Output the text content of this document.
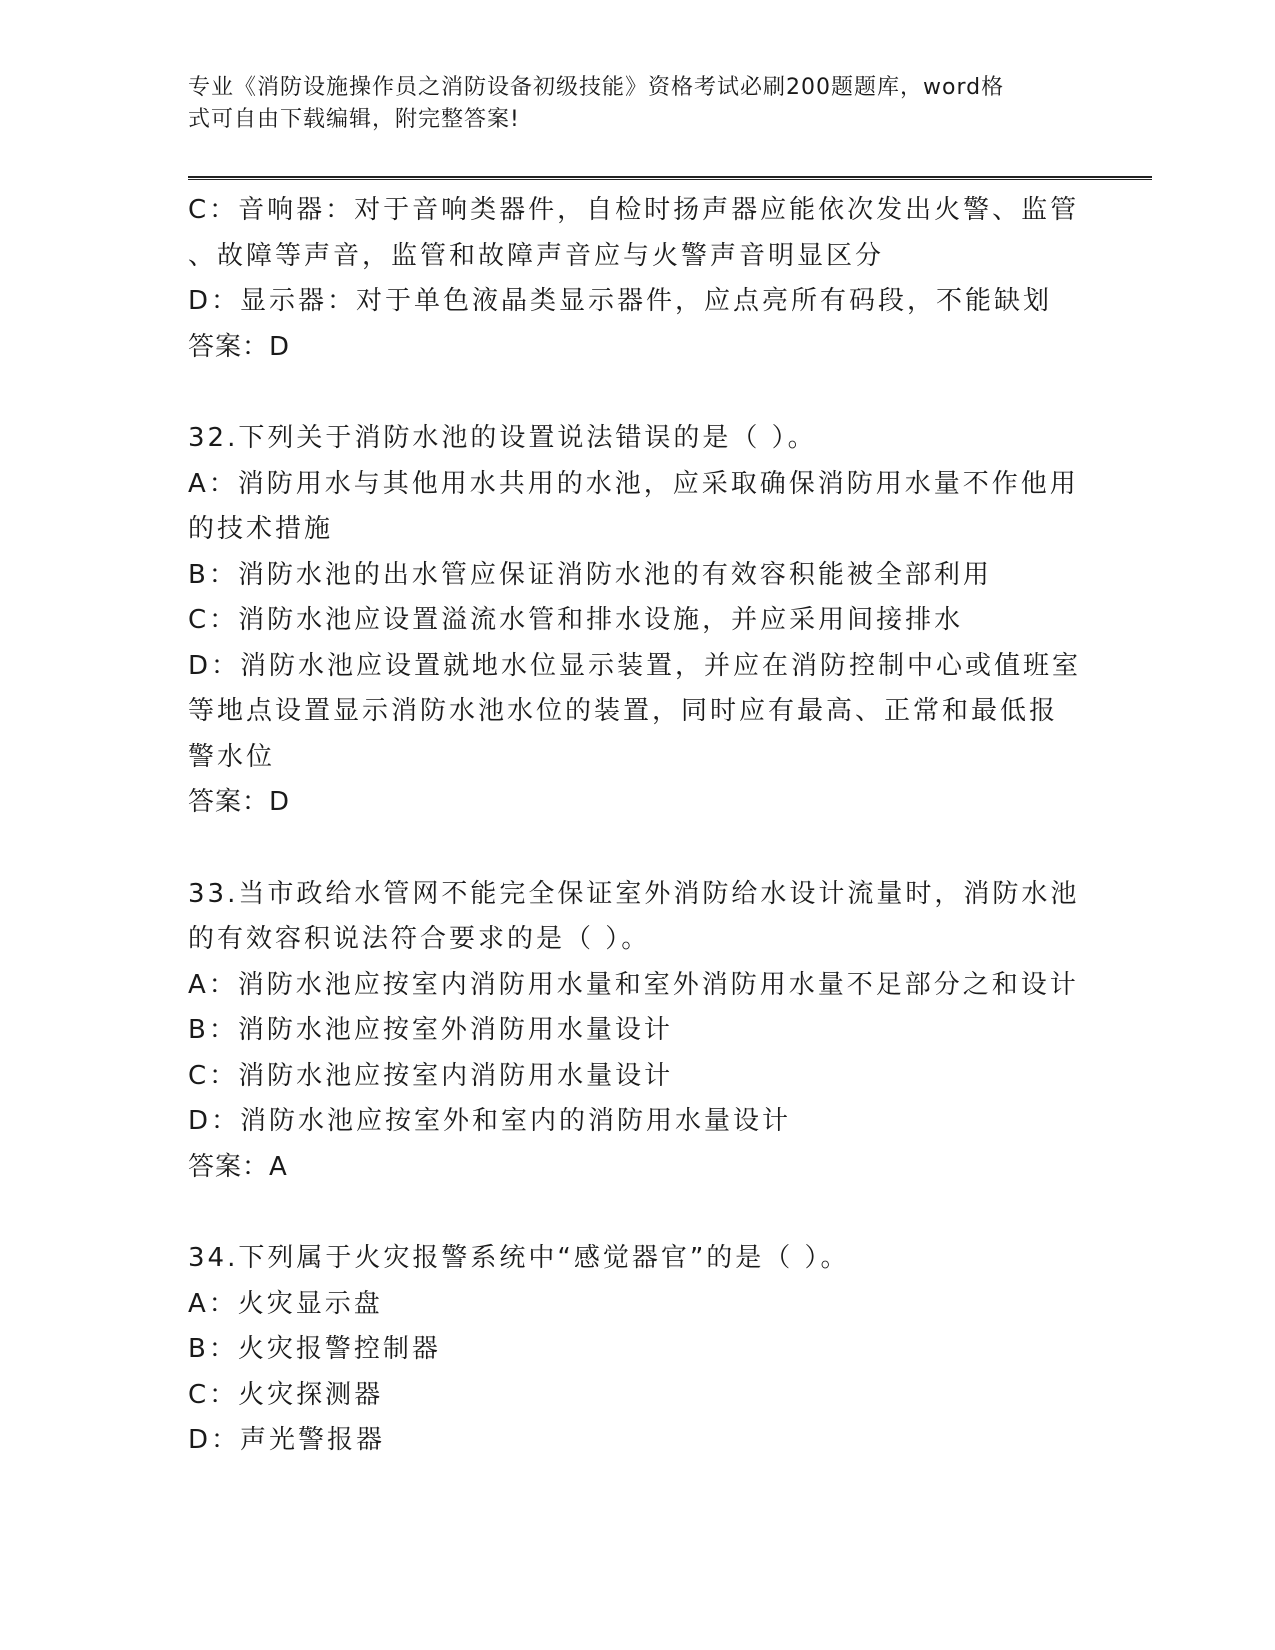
专业《消防设施操作员之消防设备初级技能》资格考试必刷200题题库，word格
式可自由下载编辑，附完整答案!

C：音响器：对于音响类器件，自检时扬声器应能依次发出火警、监管

、故障等声音，监管和故障声音应与火警声音明显区分

D：显示器：对于单色液晶类显示器件，应点亮所有码段，不能缺划

答案：D

32.下列关于消防水池的设置说法错误的是（ ）。

A：消防用水与其他用水共用的水池，应采取确保消防用水量不作他用

的技术措施

B：消防水池的出水管应保证消防水池的有效容积能被全部利用

C：消防水池应设置溢流水管和排水设施，并应采用间接排水

D：消防水池应设置就地水位显示装置，并应在消防控制中心或值班室

等地点设置显示消防水池水位的装置，同时应有最高、正常和最低报

警水位

答案：D

33.当市政给水管网不能完全保证室外消防给水设计流量时，消防水池

的有效容积说法符合要求的是（ ）。

A：消防水池应按室内消防用水量和室外消防用水量不足部分之和设计

B：消防水池应按室外消防用水量设计

C：消防水池应按室内消防用水量设计

D：消防水池应按室外和室内的消防用水量设计

答案：A

34.下列属于火灾报警系统中“感觉器官”的是（ ）。

A：火灾显示盘

B：火灾报警控制器

C：火灾探测器

D：声光警报器
